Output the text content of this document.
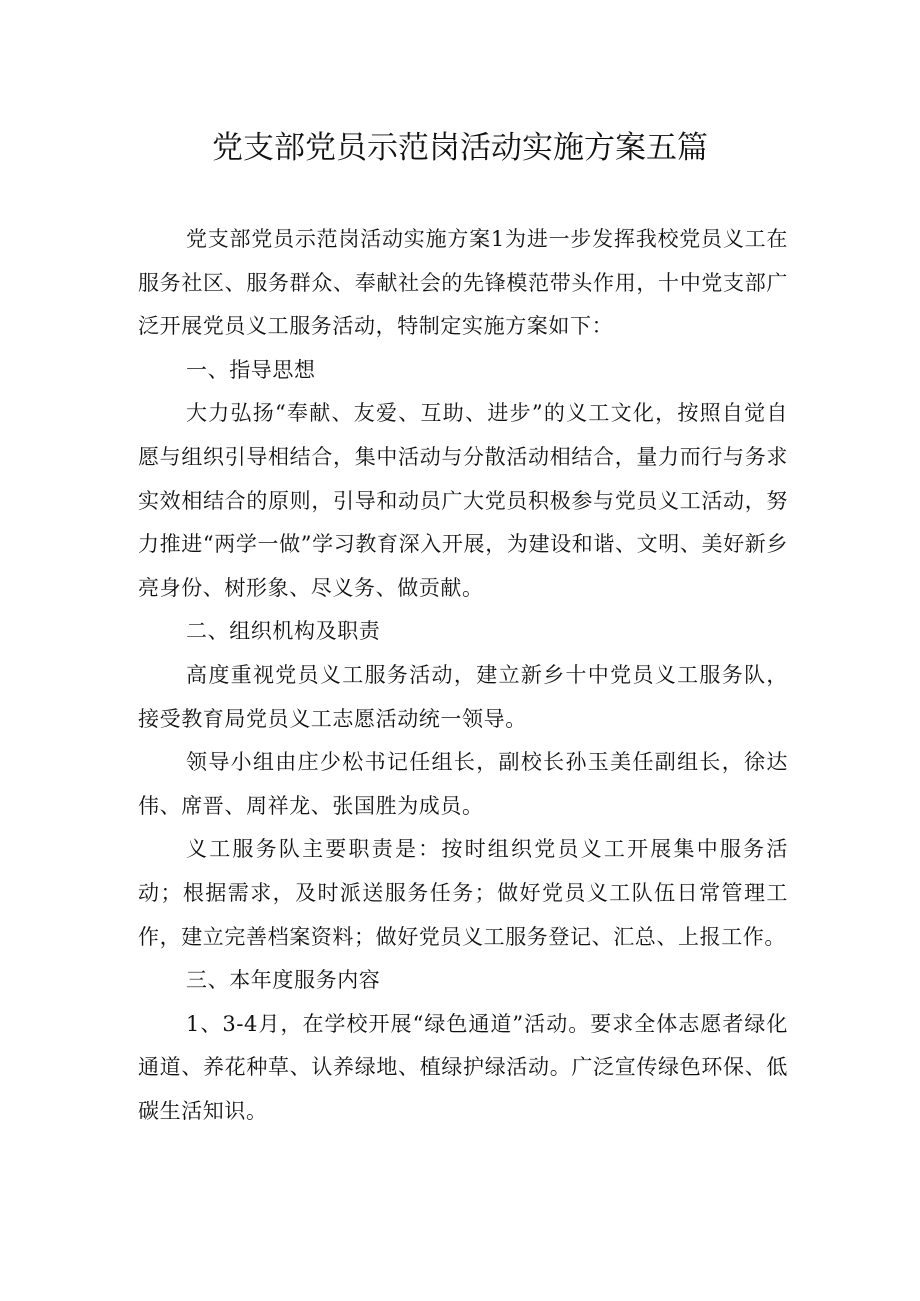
党支部党员示范岗活动实施方案五篇

党支部党员示范岗活动实施方案1为进一步发挥我校党员义工在服务社区、服务群众、奉献社会的先锋模范带头作用，十中党支部广泛开展党员义工服务活动，特制定实施方案如下：

一、指导思想

大力弘扬“奉献、友爱、互助、进步”的义工文化，按照自觉自愿与组织引导相结合，集中活动与分散活动相结合，量力而行与务求实效相结合的原则，引导和动员广大党员积极参与党员义工活动，努力推进“两学一做”学习教育深入开展，为建设和谐、文明、美好新乡亮身份、树形象、尽义务、做贡献。

二、组织机构及职责

高度重视党员义工服务活动，建立新乡十中党员义工服务队，接受教育局党员义工志愿活动统一领导。

领导小组由庄少松书记任组长，副校长孙玉美任副组长，徐达伟、席晋、周祥龙、张国胜为成员。

义工服务队主要职责是：按时组织党员义工开展集中服务活动；根据需求，及时派送服务任务；做好党员义工队伍日常管理工作，建立完善档案资料；做好党员义工服务登记、汇总、上报工作。

三、本年度服务内容

1、3-4月，在学校开展“绿色通道”活动。要求全体志愿者绿化通道、养花种草、认养绿地、植绿护绿活动。广泛宣传绿色环保、低碳生活知识。
